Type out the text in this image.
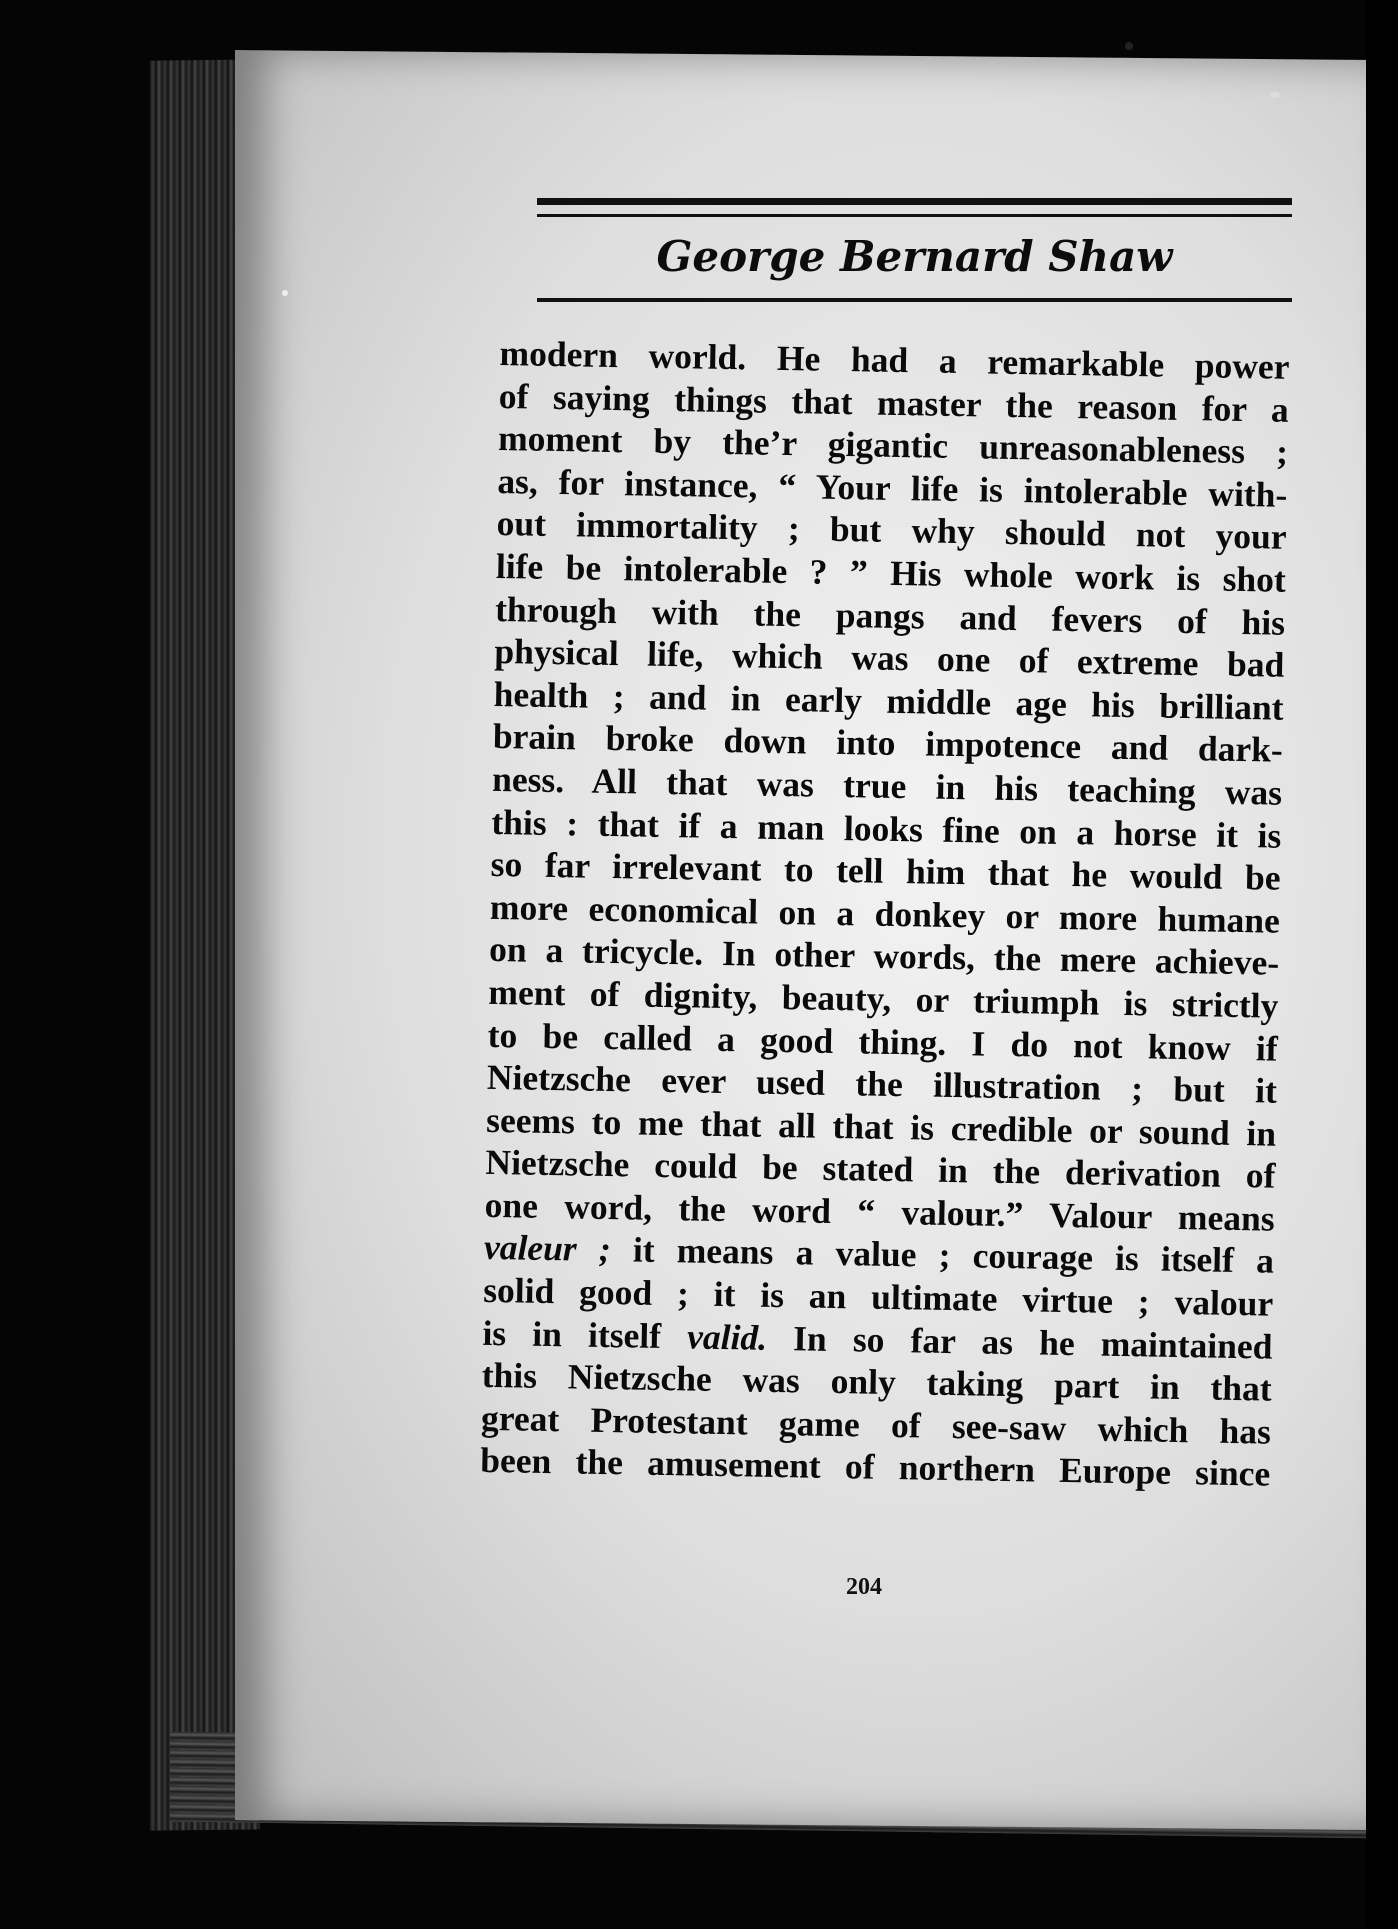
George Bernard Shaw
modern world. He had a remarkable power
of saying things that master the reason for a
moment by the’r gigantic unreasonableness ;
as, for instance, “ Your life is intolerable with-
out immortality ; but why should not your
life be intolerable ? ” His whole work is shot
through with the pangs and fevers of his
physical life, which was one of extreme bad
health ; and in early middle age his brilliant
brain broke down into impotence and dark-
ness. All that was true in his teaching was
this : that if a man looks fine on a horse it is
so far irrelevant to tell him that he would be
more economical on a donkey or more humane
on a tricycle. In other words, the mere achieve-
ment of dignity, beauty, or triumph is strictly
to be called a good thing. I do not know if
Nietzsche ever used the illustration ; but it
seems to me that all that is credible or sound in
Nietzsche could be stated in the derivation of
one word, the word “ valour.” Valour means
valeur ; it means a value ; courage is itself a
solid good ; it is an ultimate virtue ; valour
is in itself valid. In so far as he maintained
this Nietzsche was only taking part in that
great Protestant game of see-saw which has
been the amusement of northern Europe since
204
